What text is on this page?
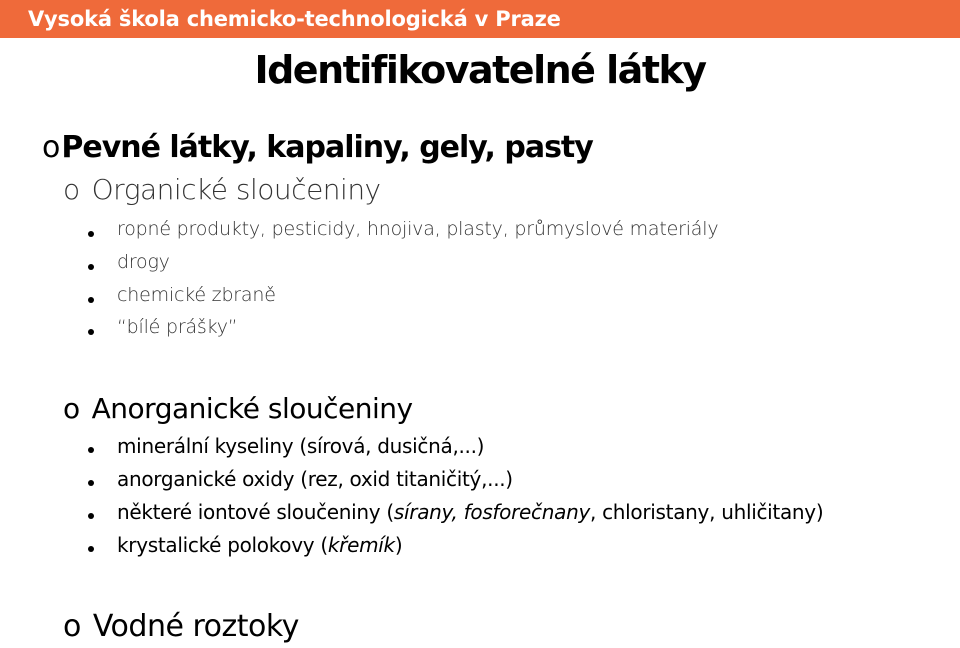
Vysoká škola chemicko-technologická v Praze
Identifikovatelné látky
oPevné látky, kapaliny, gely, pasty
o Organické sloučeniny
ropné produkty, pesticidy, hnojiva, plasty, průmyslové materiály
drogy
chemické zbraně
“bílé prášky”
o Anorganické sloučeniny
minerální kyseliny (sírová, dusičná,...)
anorganické oxidy (rez, oxid titaničitý,...)
některé iontové sloučeniny (sírany, fosforečnany, chloristany, uhličitany)
krystalické polokovy (křemík)
o Vodné roztoky
